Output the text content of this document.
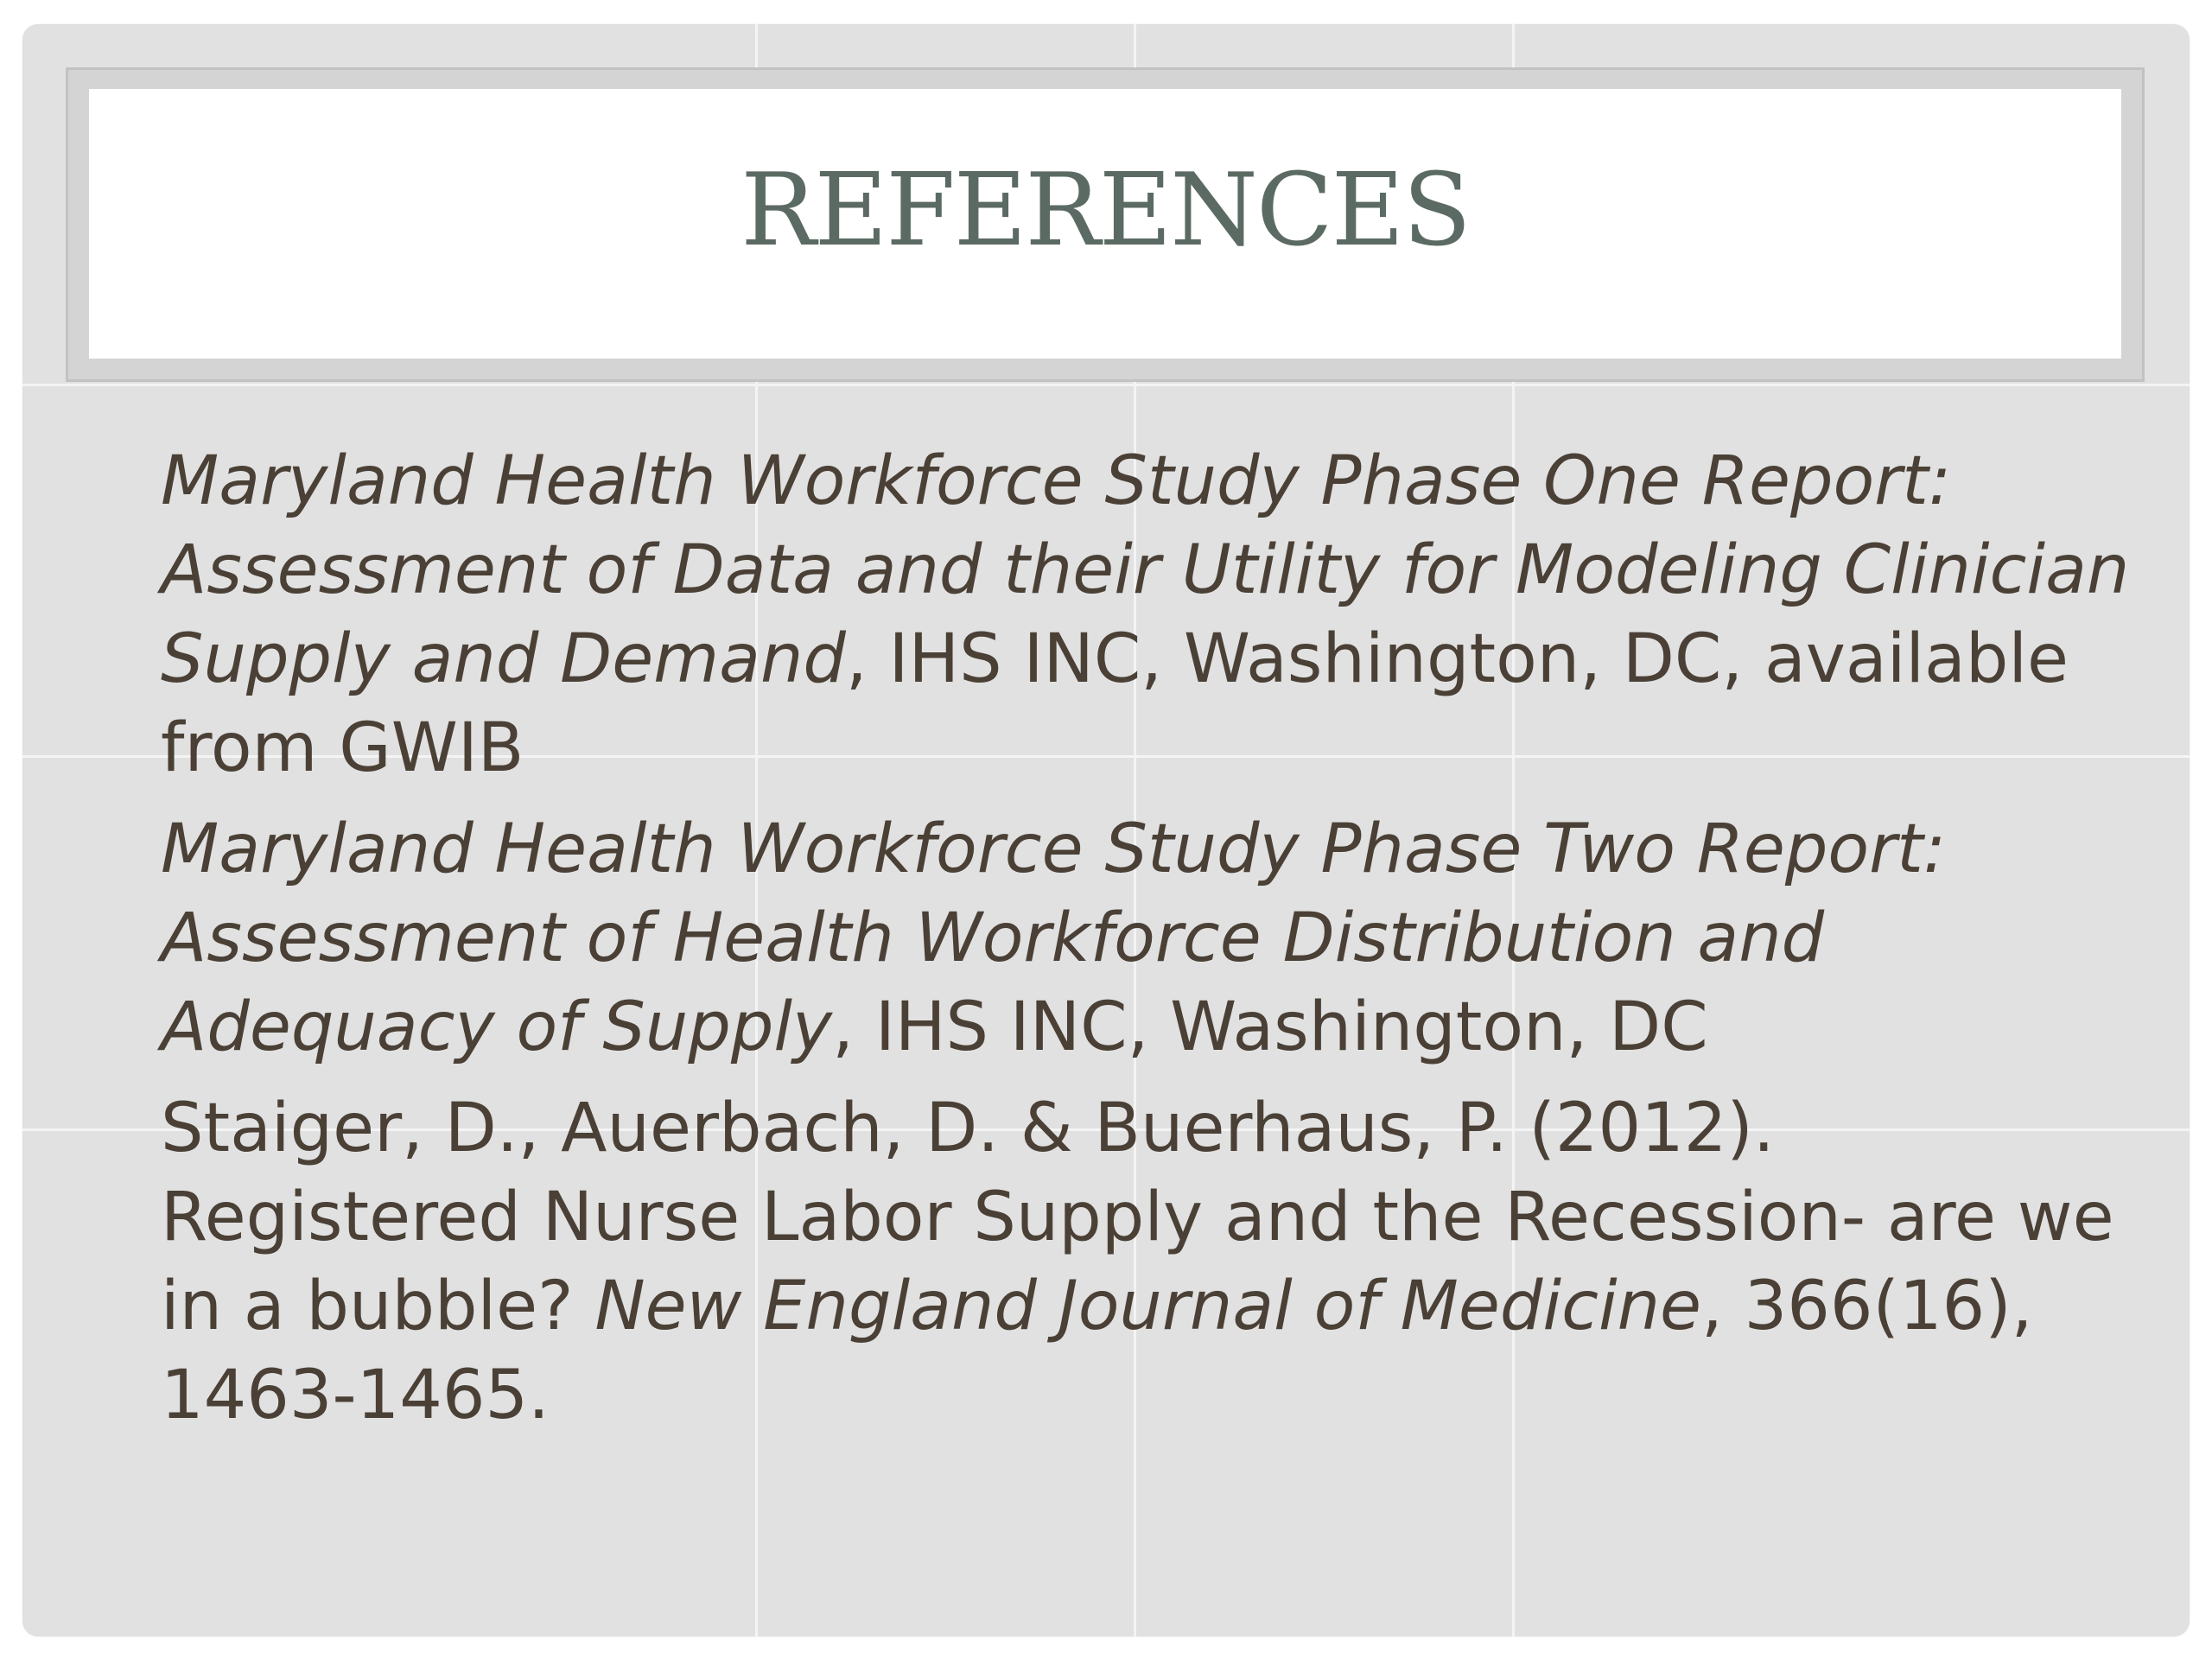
REFERENCES

Maryland Health Workforce Study Phase One Report: Assessment of Data and their Utility for Modeling Clinician Supply and Demand, IHS INC, Washington, DC, available from GWIB

Maryland Health Workforce Study Phase Two Report: Assessment of Health Workforce Distribution and Adequacy of Supply, IHS INC, Washington, DC

Staiger, D., Auerbach, D. & Buerhaus, P. (2012). Registered Nurse Labor Supply and the Recession- are we in a bubble? New England Journal of Medicine, 366(16), 1463-1465.
